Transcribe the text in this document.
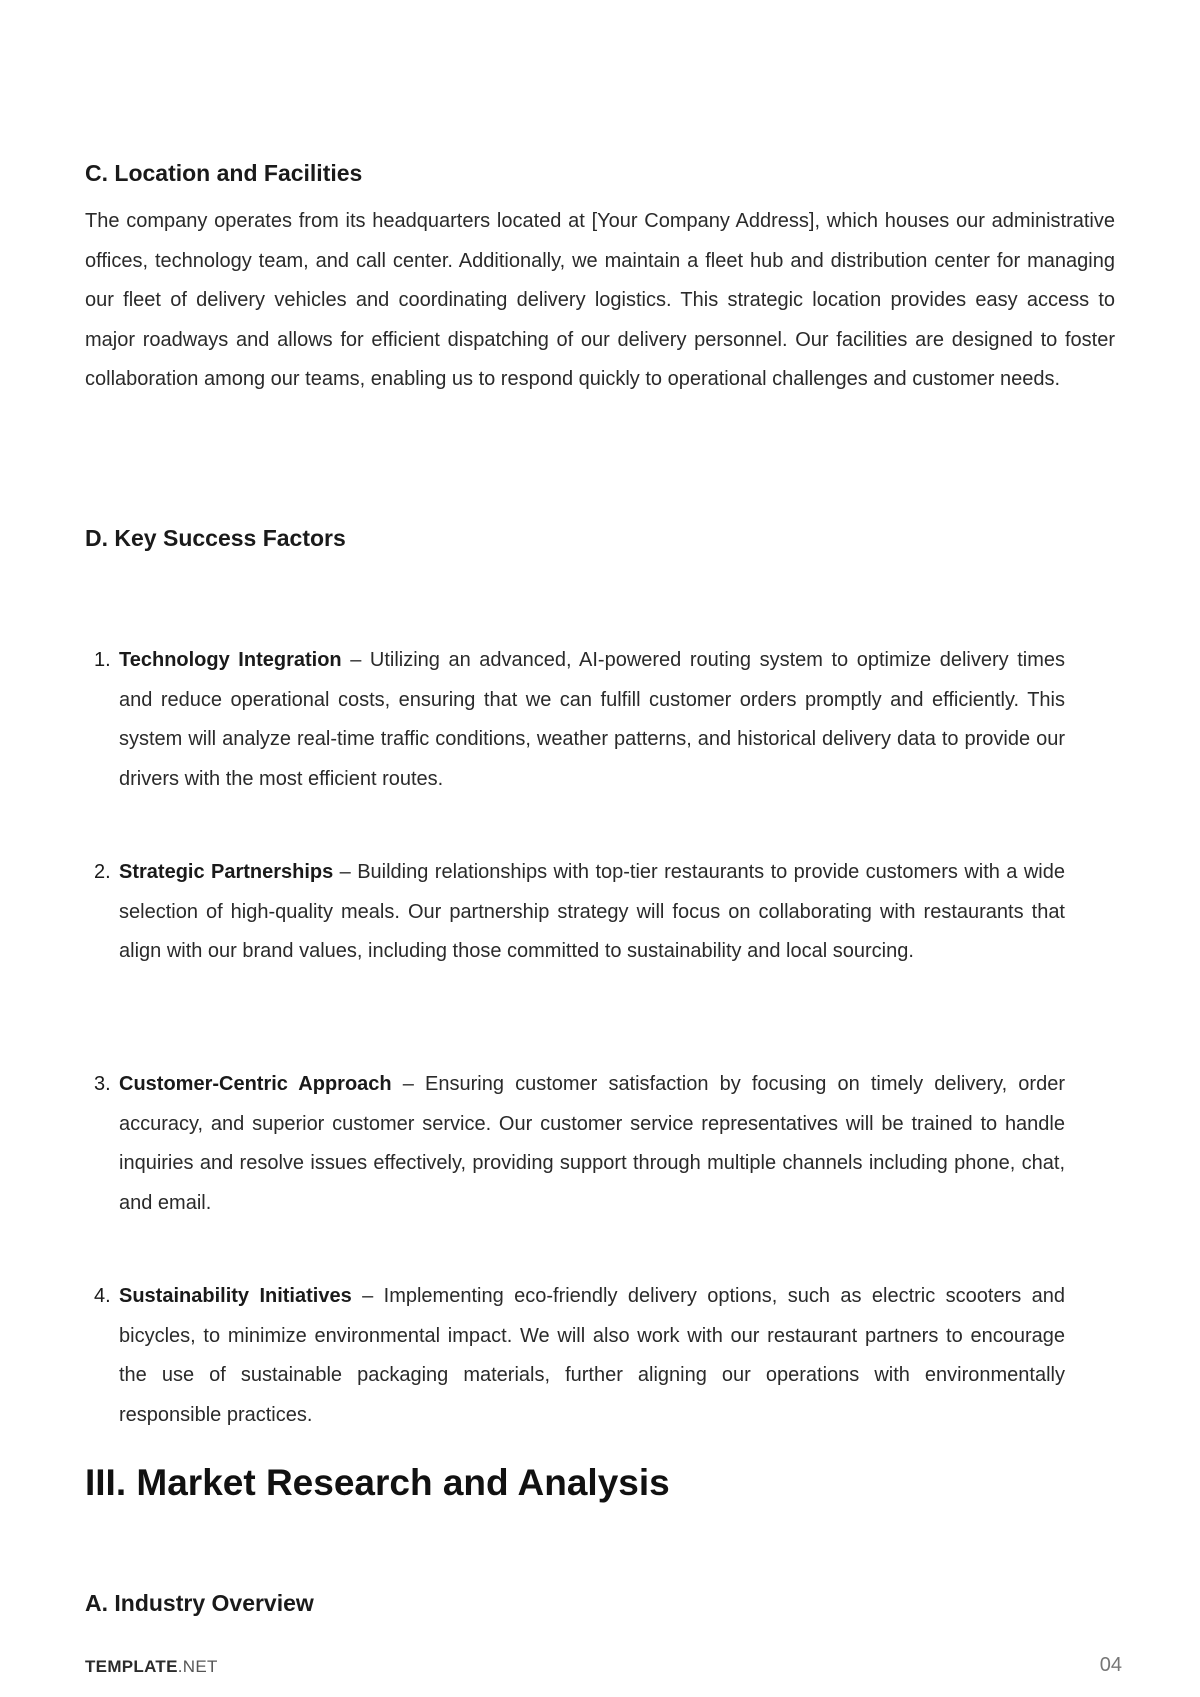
C. Location and Facilities

The company operates from its headquarters located at [Your Company Address], which houses our administrative offices, technology team, and call center. Additionally, we maintain a fleet hub and distribution center for managing our fleet of delivery vehicles and coordinating delivery logistics. This strategic location provides easy access to major roadways and allows for efficient dispatching of our delivery personnel. Our facilities are designed to foster collaboration among our teams, enabling us to respond quickly to operational challenges and customer needs.

D. Key Success Factors
1. Technology Integration – Utilizing an advanced, AI-powered routing system to optimize delivery times and reduce operational costs, ensuring that we can fulfill customer orders promptly and efficiently. This system will analyze real-time traffic conditions, weather patterns, and historical delivery data to provide our drivers with the most efficient routes.

2. Strategic Partnerships – Building relationships with top-tier restaurants to provide customers with a wide selection of high-quality meals. Our partnership strategy will focus on collaborating with restaurants that align with our brand values, including those committed to sustainability and local sourcing.

3. Customer-Centric Approach – Ensuring customer satisfaction by focusing on timely delivery, order accuracy, and superior customer service. Our customer service representatives will be trained to handle inquiries and resolve issues effectively, providing support through multiple channels including phone, chat, and email.

4. Sustainability Initiatives – Implementing eco-friendly delivery options, such as electric scooters and bicycles, to minimize environmental impact. We will also work with our restaurant partners to encourage the use of sustainable packaging materials, further aligning our operations with environmentally responsible practices.

III. Market Research and Analysis
A. Industry Overview
TEMPLATE.NET	04
